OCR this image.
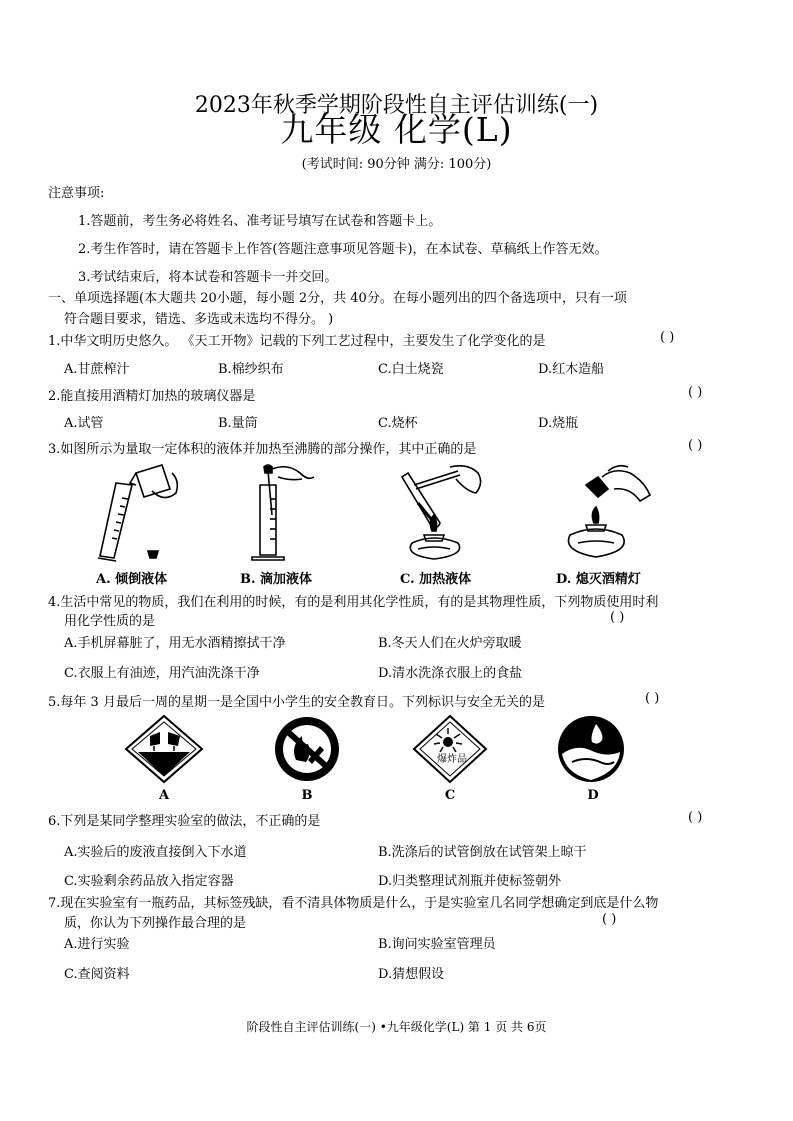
2023年秋季学期阶段性自主评估训练(一)
九年级 化学(L)
(考试时间: 90分钟 满分: 100分)
注意事项:
1.答题前，考生务必将姓名、准考证号填写在试卷和答题卡上。
2.考生作答时，请在答题卡上作答(答题注意事项见答题卡)，在本试卷、草稿纸上作答无效。
3.考试结束后，将本试卷和答题卡一并交回。
一、单项选择题(本大题共 20小题，每小题 2分，共 40分。在每小题列出的四个备选项中，只有一项
符合题目要求，错选、多选或未选均不得分。 )
1.中华文明历史悠久。 《天工开物》记载的下列工艺过程中，主要发生了化学变化的是	( )
A.甘蔗榨汁	B.棉纱织布	C.白土烧瓷	D.红木造船
2.能直接用酒精灯加热的玻璃仪器是	( )
A.试管	B.量筒	C.烧杯	D.烧瓶
3.如图所示为量取一定体积的液体并加热至沸腾的部分操作，其中正确的是	( )
A. 倾倒液体	B. 滴加液体	C. 加热液体	D. 熄灭酒精灯
4.生活中常见的物质，我们在利用的时候，有的是利用其化学性质，有的是其物理性质，下列物质使用时利
用化学性质的是	( )
A.手机屏幕脏了，用无水酒精擦拭干净	B.冬天人们在火炉旁取暖
C.衣服上有油迹，用汽油洗涤干净	D.清水洗涤衣服上的食盐
5.每年 3 月最后一周的星期一是全国中小学生的安全教育日。下列标识与安全无关的是	( )
爆炸品
A	B	C	D
6.下列是某同学整理实验室的做法，不正确的是	( )
A.实验后的废液直接倒入下水道	B.洗涤后的试管倒放在试管架上晾干
C.实验剩余药品放入指定容器	D.归类整理试剂瓶并使标签朝外
7.现在实验室有一瓶药品，其标签残缺，看不清具体物质是什么，于是实验室几名同学想确定到底是什么物
质，你认为下列操作最合理的是	( )
A.进行实验	B.询问实验室管理员
C.查阅资料	D.猜想假设
阶段性自主评估训练(一) •九年级化学(L) 第 1 页 共 6页
